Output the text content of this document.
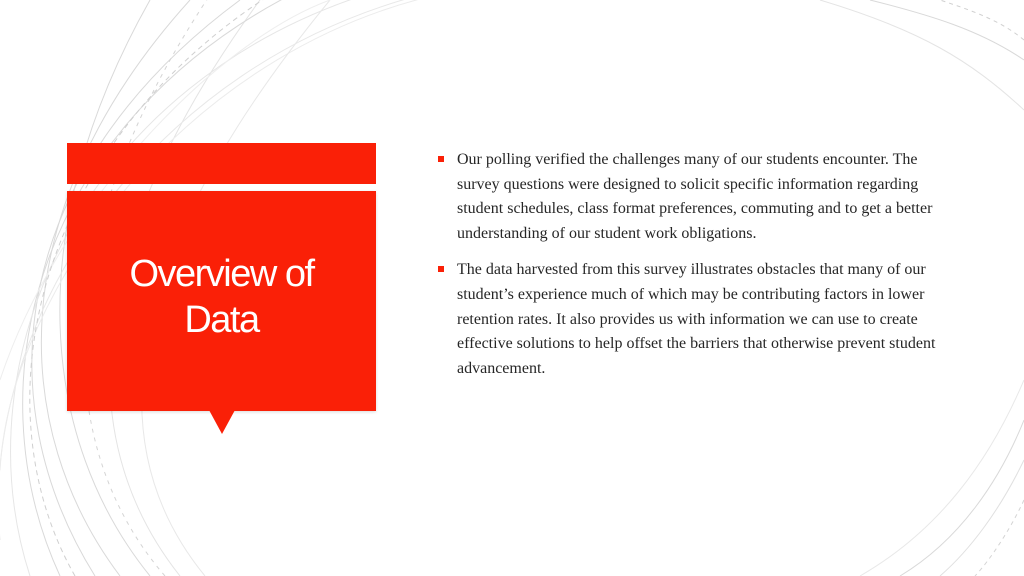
Overview of Data
Our polling verified the challenges many of our students encounter. The survey questions were designed to solicit specific information regarding student schedules, class format preferences, commuting and to get a better understanding of our student work obligations.
The data harvested from this survey illustrates obstacles that many of our student’s experience much of which may be contributing factors in lower retention rates. It also provides us with information we can use to create effective solutions to help offset the barriers that otherwise prevent student advancement.
